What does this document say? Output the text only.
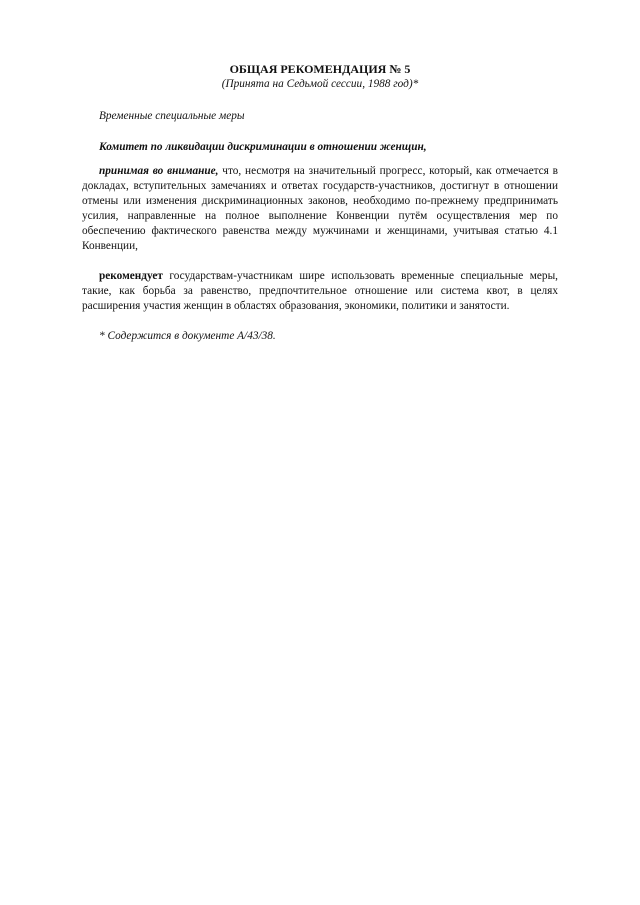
ОБЩАЯ РЕКОМЕНДАЦИЯ № 5
(Принята на Седьмой сессии, 1988 год)*

Временные специальные меры

Комитет по ликвидации дискриминации в отношении женщин,

принимая во внимание, что, несмотря на значительный прогресс, который, как отмечается в докладах, вступительных замечаниях и ответах государств-участников, достигнут в отношении отмены или изменения дискриминационных законов, необходимо по-прежнему предпринимать усилия, направленные на полное выполнение Конвенции путём осуществления мер по обеспечению фактического равенства между мужчинами и женщинами, учитывая статью 4.1 Конвенции,

рекомендует государствам-участникам шире использовать временные специальные меры, такие, как борьба за равенство, предпочтительное отношение или система квот, в целях расширения участия женщин в областях образования, экономики, политики и занятости.

* Содержится в документе A/43/38.
